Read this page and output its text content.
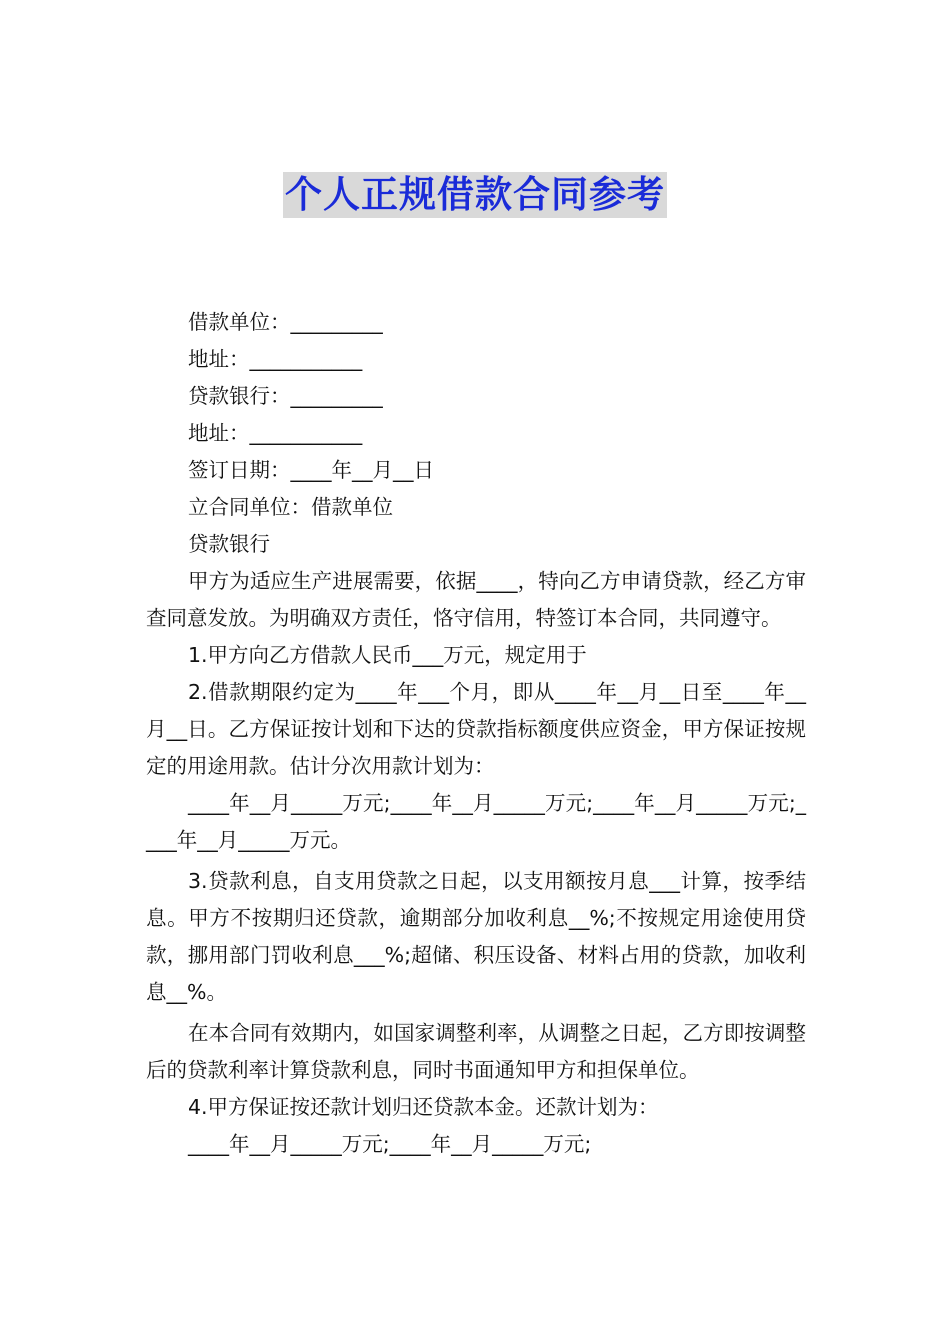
个人正规借款合同参考

借款单位：_________

地址：___________

贷款银行：_________

地址：___________

签订日期：____年__月__日

立合同单位：借款单位

贷款银行

甲方为适应生产进展需要，依据____，特向乙方申请贷款，经乙方审查同意发放。为明确双方责任，恪守信用，特签订本合同，共同遵守。

1.甲方向乙方借款人民币___万元，规定用于

2.借款期限约定为____年___个月，即从____年__月__日至____年__月__日。乙方保证按计划和下达的贷款指标额度供应资金，甲方保证按规定的用途用款。估计分次用款计划为：

____年__月_____万元;____年__月_____万元;____年__月_____万元;____年__月_____万元。

3.贷款利息，自支用贷款之日起，以支用额按月息___计算，按季结息。甲方不按期归还贷款，逾期部分加收利息__%;不按规定用途使用贷款，挪用部门罚收利息___%;超储、积压设备、材料占用的贷款，加收利息__%。

在本合同有效期内，如国家调整利率，从调整之日起，乙方即按调整后的贷款利率计算贷款利息，同时书面通知甲方和担保单位。

4.甲方保证按还款计划归还贷款本金。还款计划为：

____年__月_____万元;____年__月_____万元;
